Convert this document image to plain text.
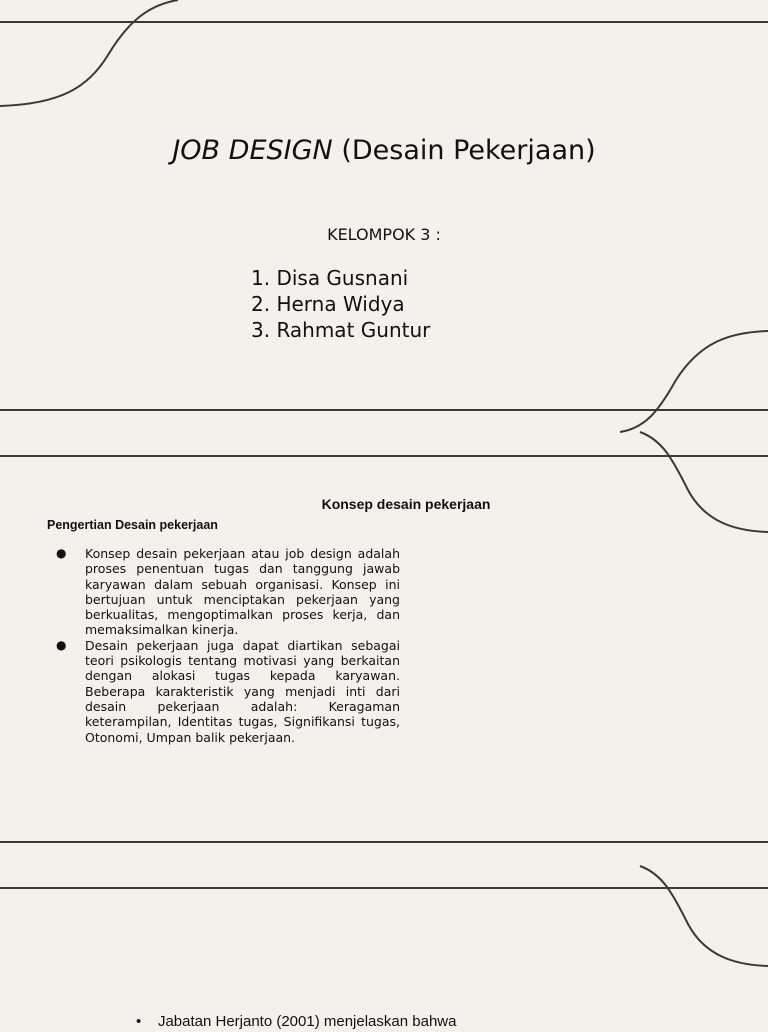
JOB DESIGN (Desain Pekerjaan)
KELOMPOK 3 :
1. Disa Gusnani
2. Herna Widya
3. Rahmat Guntur
Konsep desain pekerjaan
Pengertian Desain pekerjaan
● Konsep desain pekerjaan atau job design adalah proses penentuan tugas dan tanggung jawab karyawan dalam sebuah organisasi. Konsep ini bertujuan untuk menciptakan pekerjaan yang berkualitas, mengoptimalkan proses kerja, dan memaksimalkan kinerja.
● Desain pekerjaan juga dapat diartikan sebagai teori psikologis tentang motivasi yang berkaitan dengan alokasi tugas kepada karyawan. Beberapa karakteristik yang menjadi inti dari desain pekerjaan adalah: Keragaman keterampilan, Identitas tugas, Signifikansi tugas, Otonomi, Umpan balik pekerjaan.
• Jabatan Herjanto (2001) menjelaskan bahwa
